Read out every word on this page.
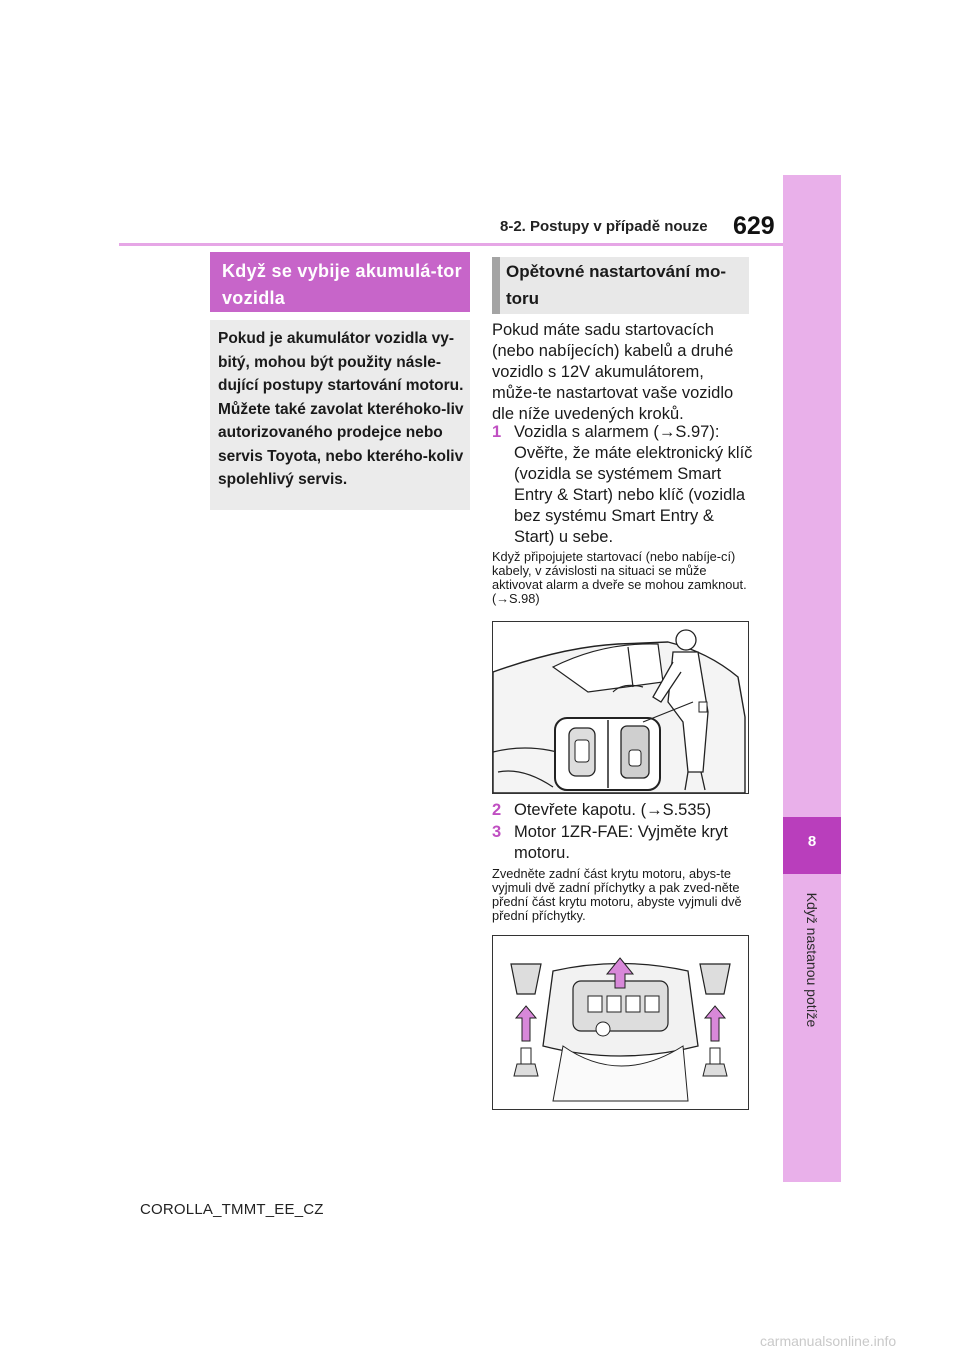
8-2. Postupy v případě nouze 629
8
Když nastanou potíže
Když se vybije akumulá-tor vozidla
Pokud je akumulátor vozidla vy-bitý, mohou být použity násle-dující postupy startování motoru.
Můžete také zavolat kteréhoko-liv autorizovaného prodejce nebo servis Toyota, nebo kterého-koliv spolehlivý servis.
Opětovné nastartování mo-toru
Pokud máte sadu startovacích (nebo nabíjecích) kabelů a druhé vozidlo s 12V akumulátorem, může-te nastartovat vaše vozidlo dle níže uvedených kroků.
1 Vozidla s alarmem (→S.97): Ověřte, že máte elektronický klíč (vozidla se systémem Smart Entry & Start) nebo klíč (vozidla bez systému Smart Entry & Start) u sebe.
Když připojujete startovací (nebo nabíje-cí) kabely, v závislosti na situaci se může aktivovat alarm a dveře se mohou zamknout. (→S.98)
2 Otevřete kapotu. (→S.535)
3 Motor 1ZR-FAE: Vyjměte kryt motoru.
Zvedněte zadní část krytu motoru, abys-te vyjmuli dvě zadní příchytky a pak zved-něte přední část krytu motoru, abyste vyjmuli dvě přední příchytky.
COROLLA_TMMT_EE_CZ
carmanualsonline.info
